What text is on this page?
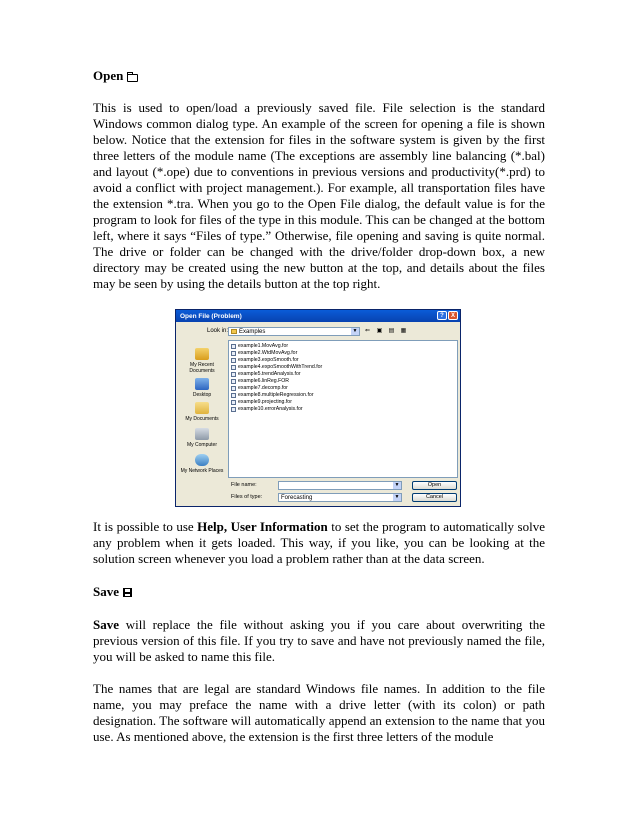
Open

This is used to open/load a previously saved file. File selection is the standard Windows common dialog type. An example of the screen for opening a file is shown below. Notice that the extension for files in the software system is given by the first three letters of the module name (The exceptions are assembly line balancing (*.bal) and layout (*.ope) due to conventions in previous versions and productivity(*.prd) to avoid a conflict with project management.). For example, all transportation files have the extension *.tra. When you go to the Open File dialog, the default value is for the program to look for files of the type in this module. This can be changed at the bottom left, where it says “Files of type.” Otherwise, file opening and saving is quite normal. The drive or folder can be changed with the drive/folder drop-down box, a new directory may be created using the new button at the top, and details about the files may be seen by using the details button at the top right.

Open File (Problem)	?	X
Look in: Examples	▼	⇐	▣ ▤ ▦
My Recent Documents
Desktop
My Documents
My Computer
My Network Places
example1.MovAvg.for
example2.WtdMovAvg.for
example3.expoSmooth.for
example4.expoSmoothWithTrend.for
example5.trendAnalysis.for
example6.linReg.FOR
example7.decomp.for
example8.multipleRegression.for
example9.projecting.for
example10.errorAnalysis.for
File name:	▼	Open
Files of type:	Forecasting	▼	Cancel

It is possible to use Help, User Information to set the program to automatically solve any problem when it gets loaded. This way, if you like, you can be looking at the solution screen whenever you load a problem rather than at the data screen.

Save

Save will replace the file without asking you if you care about overwriting the previous version of this file. If you try to save and have not previously named the file, you will be asked to name this file.

The names that are legal are standard Windows file names. In addition to the file name, you may preface the name with a drive letter (with its colon) or path designation. The software will automatically append an extension to the name that you use. As mentioned above, the extension is the first three letters of the module
